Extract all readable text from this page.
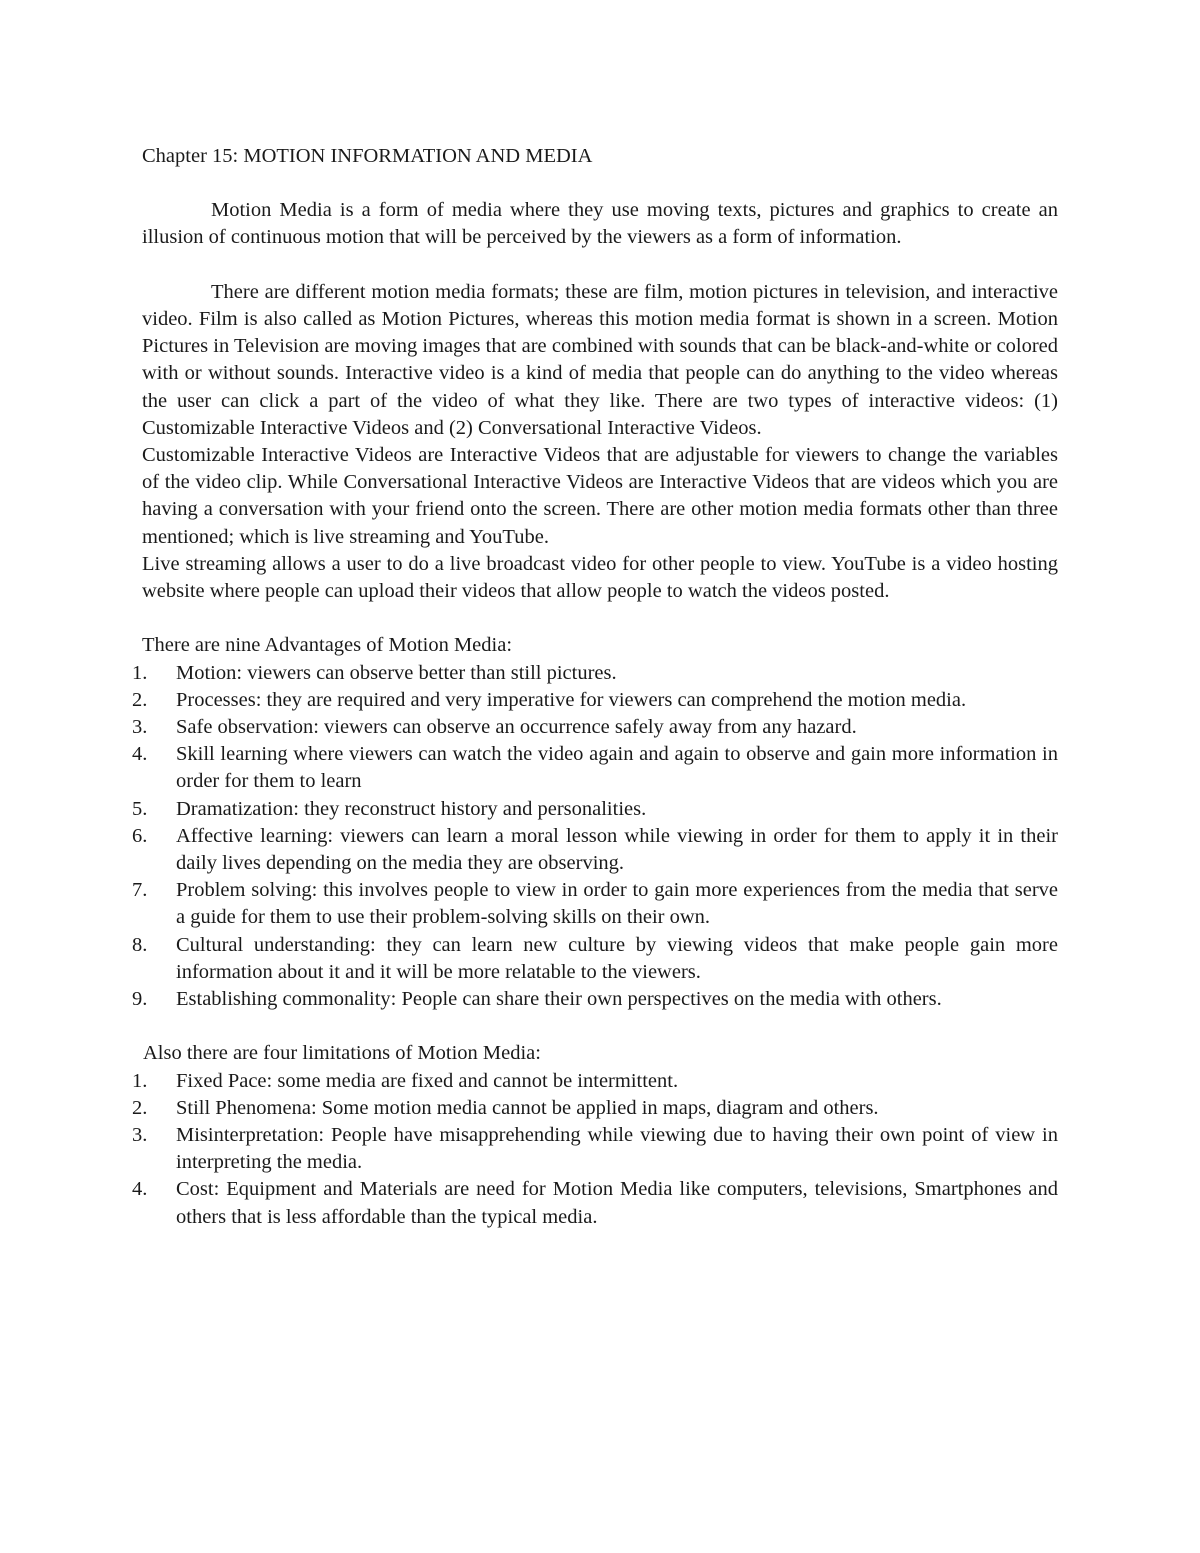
Chapter 15: MOTION INFORMATION AND MEDIA

Motion Media is a form of media where they use moving texts, pictures and graphics to create an illusion of continuous motion that will be perceived by the viewers as a form of information.

There are different motion media formats; these are film, motion pictures in television, and interactive video. Film is also called as Motion Pictures, whereas this motion media format is shown in a screen. Motion Pictures in Television are moving images that are combined with sounds that can be black-and-white or colored with or without sounds. Interactive video is a kind of media that people can do anything to the video whereas the user can click a part of the video of what they like. There are two types of interactive videos: (1) Customizable Interactive Videos and (2) Conversational Interactive Videos.

Customizable Interactive Videos are Interactive Videos that are adjustable for viewers to change the variables of the video clip. While Conversational Interactive Videos are Interactive Videos that are videos which you are having a conversation with your friend onto the screen. There are other motion media formats other than three mentioned; which is live streaming and YouTube.

Live streaming allows a user to do a live broadcast video for other people to view. YouTube is a video hosting website where people can upload their videos that allow people to watch the videos posted.

There are nine Advantages of Motion Media:

1.	Motion: viewers can observe better than still pictures.
2.	Processes: they are required and very imperative for viewers can comprehend the motion media.
3.	Safe observation: viewers can observe an occurrence safely away from any hazard.
4.	Skill learning where viewers can watch the video again and again to observe and gain more information in order for them to learn
5.	Dramatization: they reconstruct history and personalities.
6.	Affective learning: viewers can learn a moral lesson while viewing in order for them to apply it in their daily lives depending on the media they are observing.
7.	Problem solving: this involves people to view in order to gain more experiences from the media that serve a guide for them to use their problem-solving skills on their own.
8.	Cultural understanding: they can learn new culture by viewing videos that make people gain more information about it and it will be more relatable to the viewers.
9.	Establishing commonality: People can share their own perspectives on the media with others.

Also there are four limitations of Motion Media:

1.	Fixed Pace: some media are fixed and cannot be intermittent.
2.	Still Phenomena: Some motion media cannot be applied in maps, diagram and others.
3.	Misinterpretation: People have misapprehending while viewing due to having their own point of view in interpreting the media.
4.	Cost: Equipment and Materials are need for Motion Media like computers, televisions, Smartphones and others that is less affordable than the typical media.
